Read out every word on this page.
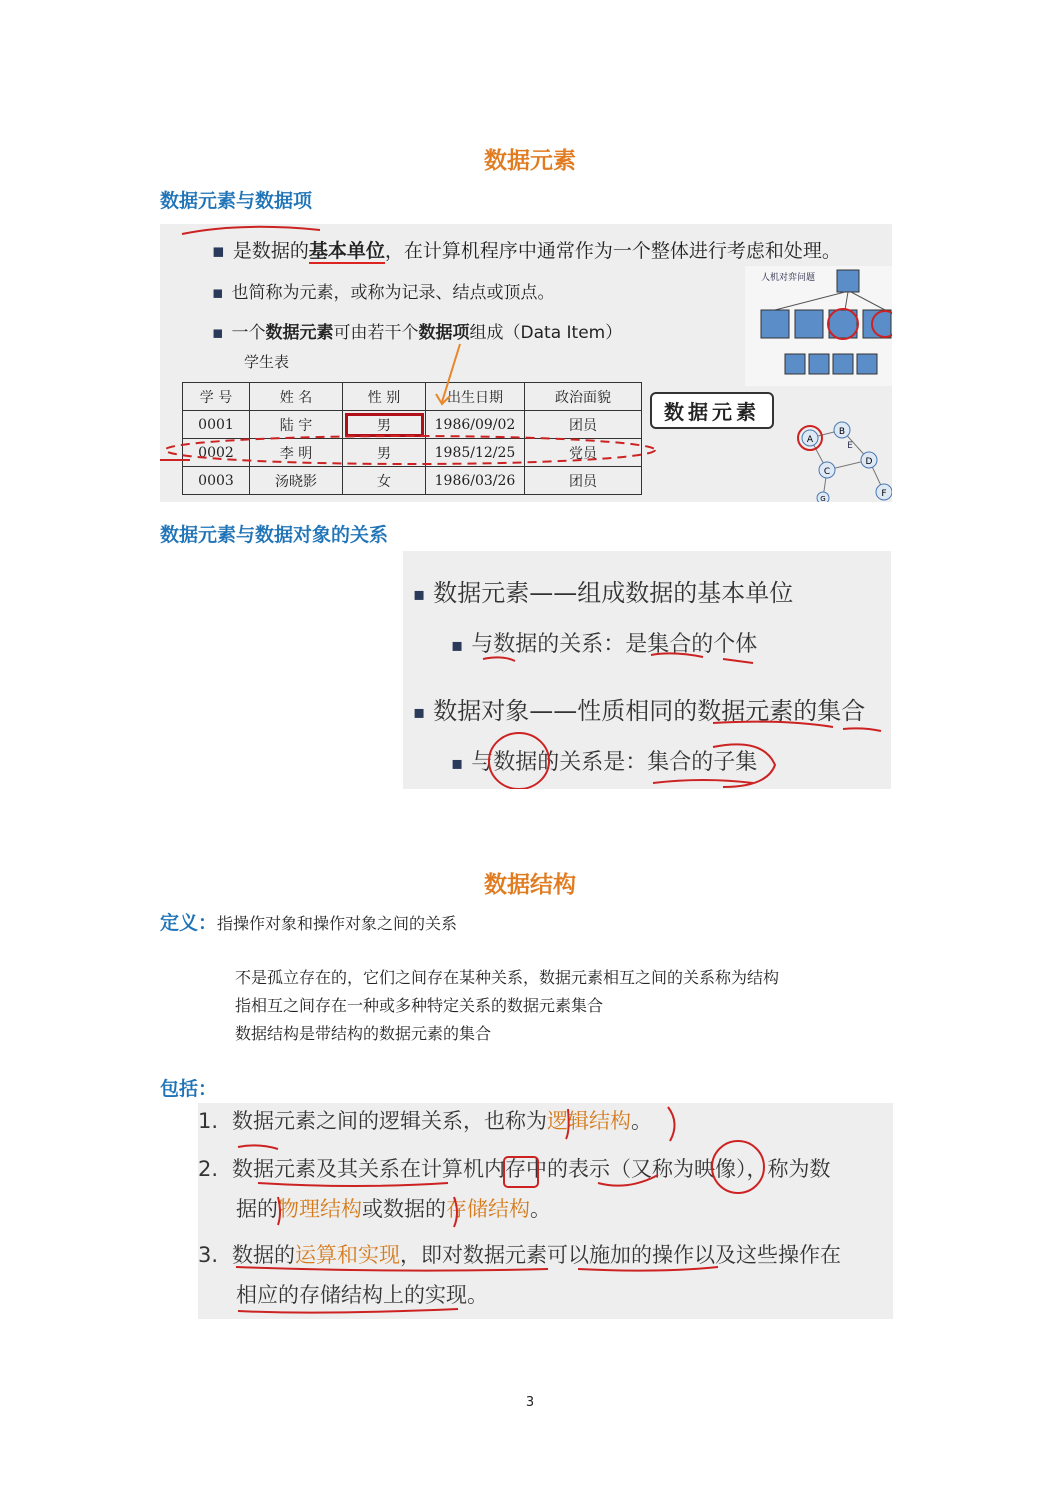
数据元素
数据元素与数据项
▪ 是数据的基本单位，在计算机程序中通常作为一个整体进行考虑和处理。
▪ 也简称为元素，或称为记录、结点或顶点。
▪ 一个数据元素可由若干个数据项组成（Data Item）
学生表
学 号	姓 名	性 别	出生日期	政治面貌
0001	陆 宇	男	1986/09/02	团员
0002	李 明	男	1985/12/25	党员
0003	汤晓影	女	1986/03/26	团员
数据元素
人机对弈问题
A
B
C
D
E
F
G
数据元素与数据对象的关系
▪ 数据元素——组成数据的基本单位
▪ 与数据的关系：是集合的个体
▪ 数据对象——性质相同的数据元素的集合
▪ 与数据的关系是：集合的子集
数据结构
定义：指操作对象和操作对象之间的关系
不是孤立存在的，它们之间存在某种关系，数据元素相互之间的关系称为结构
指相互之间存在一种或多种特定关系的数据元素集合
数据结构是带结构的数据元素的集合
包括：
1. 数据元素之间的逻辑关系，也称为逻辑结构。
2. 数据元素及其关系在计算机内存中的表示（又称为映像），称为数
据的物理结构或数据的存储结构。
3. 数据的运算和实现，即对数据元素可以施加的操作以及这些操作在
相应的存储结构上的实现。
3
